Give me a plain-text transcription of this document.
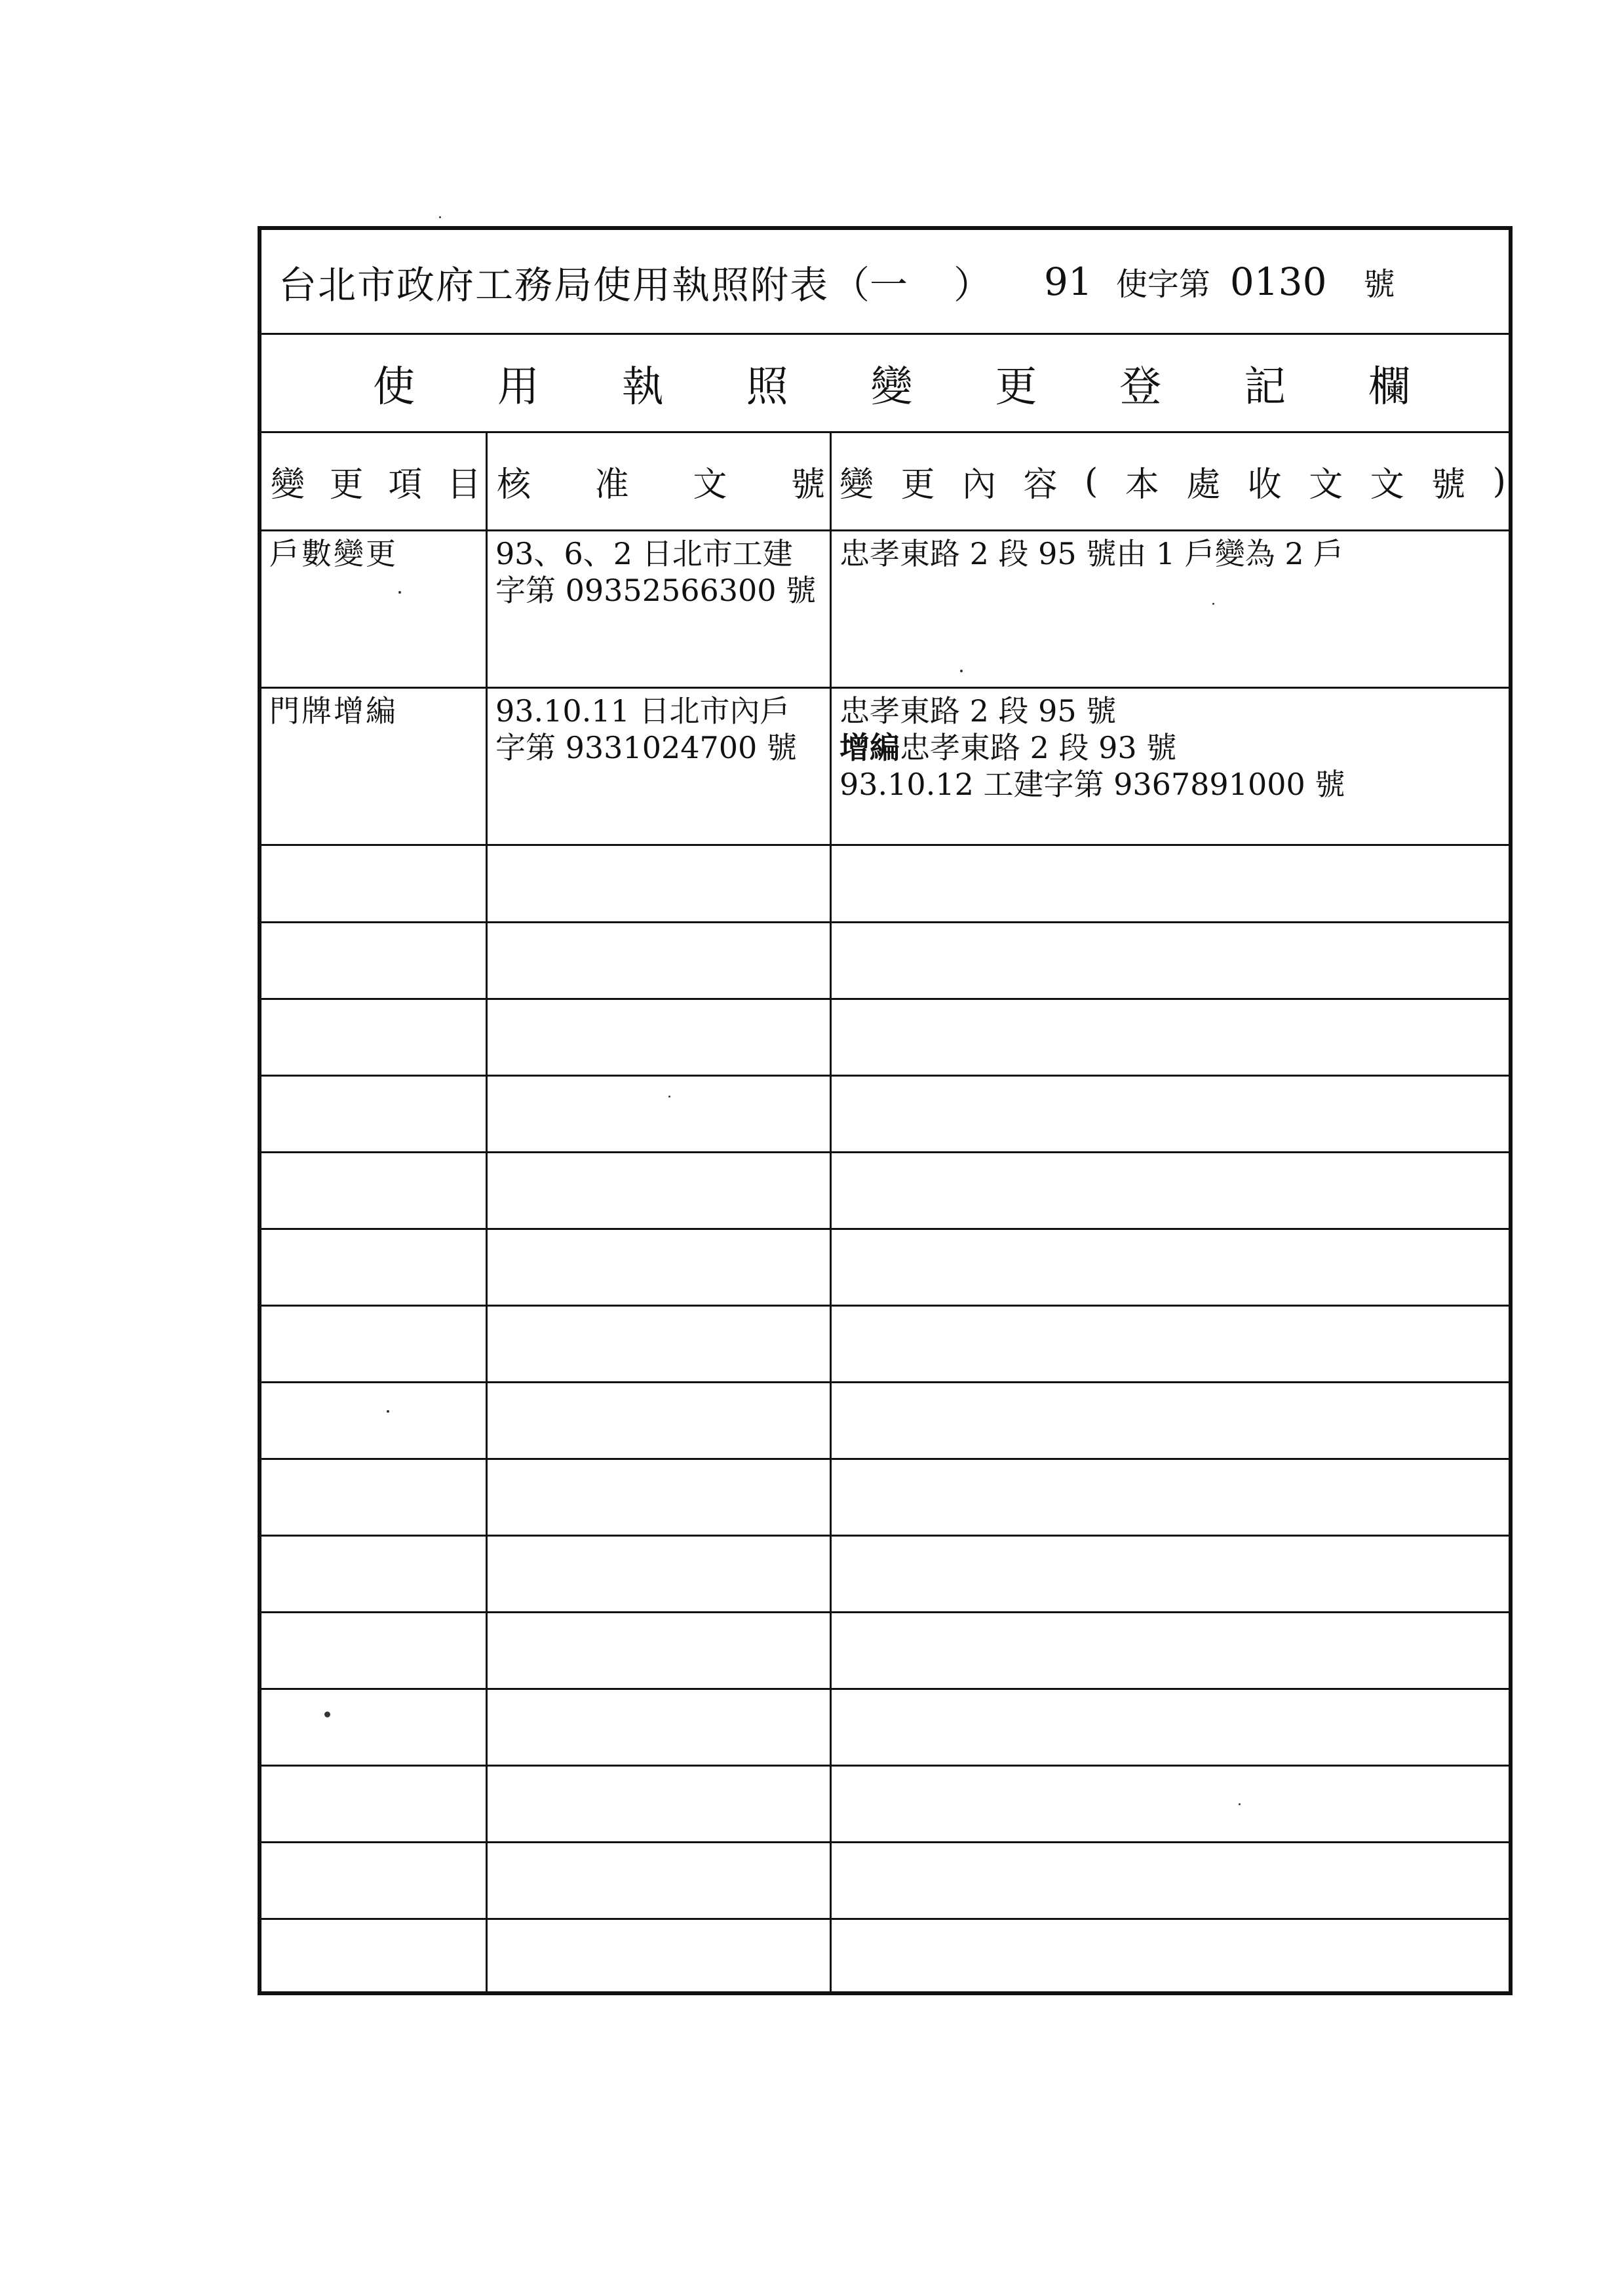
台北市政府工務局使用執照附表 （一 ） 91 使字第 0130 號
使 用 執 照 變 更 登 記 欄
變 更 項 目 核 准 文 號 變 更 內 容 ( 本 處 收 文 文 號 )
戶數變更	93、6、2 日北市工建
字第 09352566300 號
忠孝東路 2 段 95 號由 1 戶變為 2 戶
門牌增編	93.10.11 日北市內戶
字第 9331024700 號
忠孝東路 2 段 95 號
增編忠孝東路 2 段 93 號
93.10.12 工建字第 9367891000 號
